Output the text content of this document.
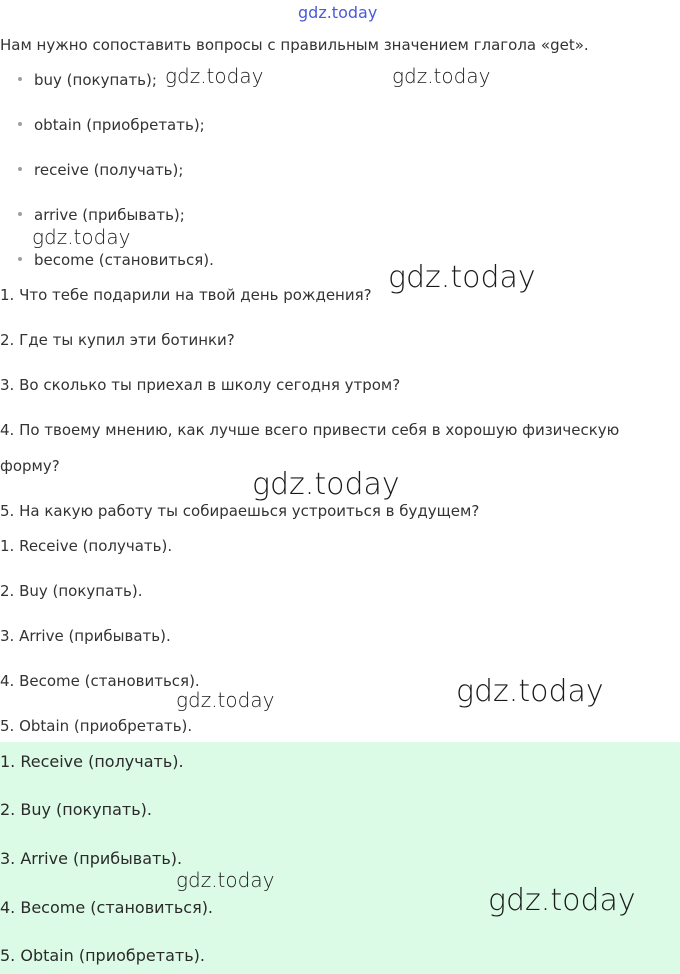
gdz.today
Нам нужно сопоставить вопросы с правильным значением глагола «get».
buy (покупать);
obtain (приобретать);
receive (получать);
arrive (прибывать);
become (становиться).
1. Что тебе подарили на твой день рождения?
2. Где ты купил эти ботинки?
3. Во сколько ты приехал в школу сегодня утром?
4. По твоему мнению, как лучше всего привести себя в хорошую физическую
форму?
5. На какую работу ты собираешься устроиться в будущем?
1. Receive (получать).
2. Buy (покупать).
3. Arrive (прибывать).
4. Become (становиться).
5. Obtain (приобретать).
1. Receive (получать).
2. Buy (покупать).
3. Arrive (прибывать).
4. Become (становиться).
5. Obtain (приобретать).
gdz.today	gdz.today
gdz.today
gdz.today
gdz.today
gdz.today	gdz.today
gdz.today
gdz.today
